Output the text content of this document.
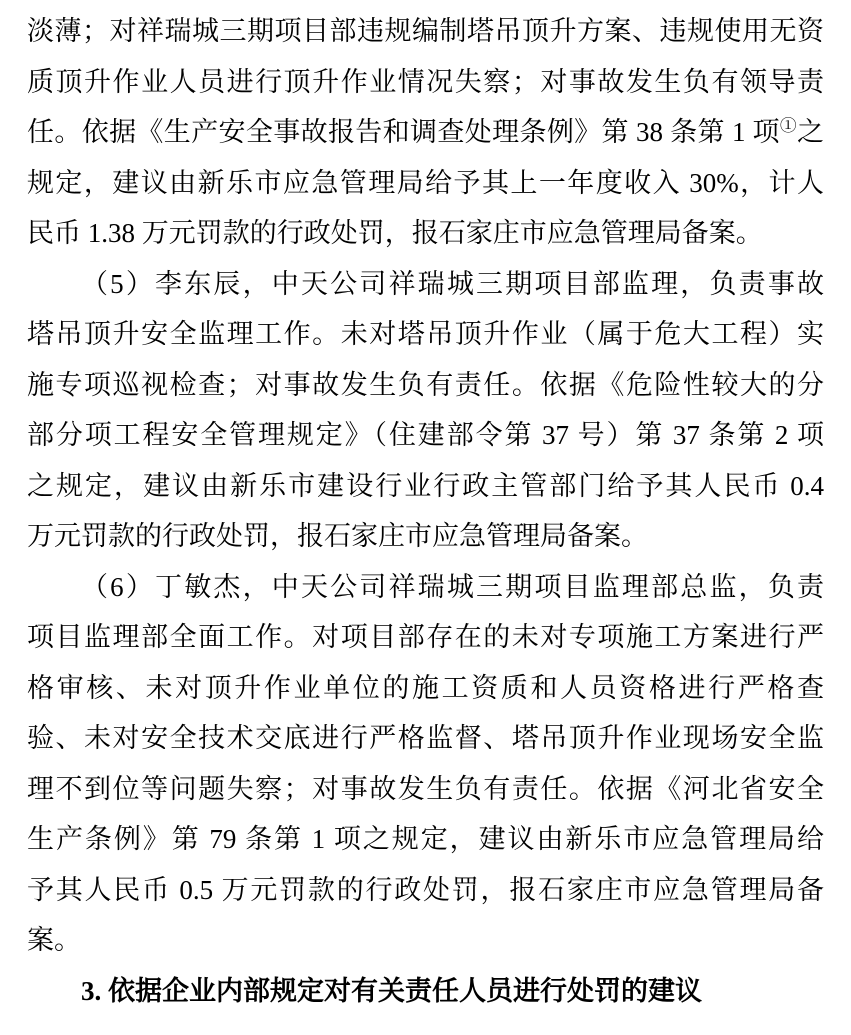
淡薄；对祥瑞城三期项目部违规编制塔吊顶升方案、违规使用无资
质顶升作业人员进行顶升作业情况失察；对事故发生负有领导责
任。依据《生产安全事故报告和调查处理条例》第 38 条第 1 项①之
规定，建议由新乐市应急管理局给予其上一年度收入 30%，计人
民币 1.38 万元罚款的行政处罚，报石家庄市应急管理局备案。
（5）李东辰，中天公司祥瑞城三期项目部监理，负责事故
塔吊顶升安全监理工作。未对塔吊顶升作业（属于危大工程）实
施专项巡视检查；对事故发生负有责任。依据《危险性较大的分
部分项工程安全管理规定》（住建部令第 37 号）第 37 条第 2 项
之规定，建议由新乐市建设行业行政主管部门给予其人民币 0.4
万元罚款的行政处罚，报石家庄市应急管理局备案。
（6）丁敏杰，中天公司祥瑞城三期项目监理部总监，负责
项目监理部全面工作。对项目部存在的未对专项施工方案进行严
格审核、未对顶升作业单位的施工资质和人员资格进行严格查
验、未对安全技术交底进行严格监督、塔吊顶升作业现场安全监
理不到位等问题失察；对事故发生负有责任。依据《河北省安全
生产条例》第 79 条第 1 项之规定，建议由新乐市应急管理局给
予其人民币 0.5 万元罚款的行政处罚，报石家庄市应急管理局备
案。
3. 依据企业内部规定对有关责任人员进行处罚的建议
